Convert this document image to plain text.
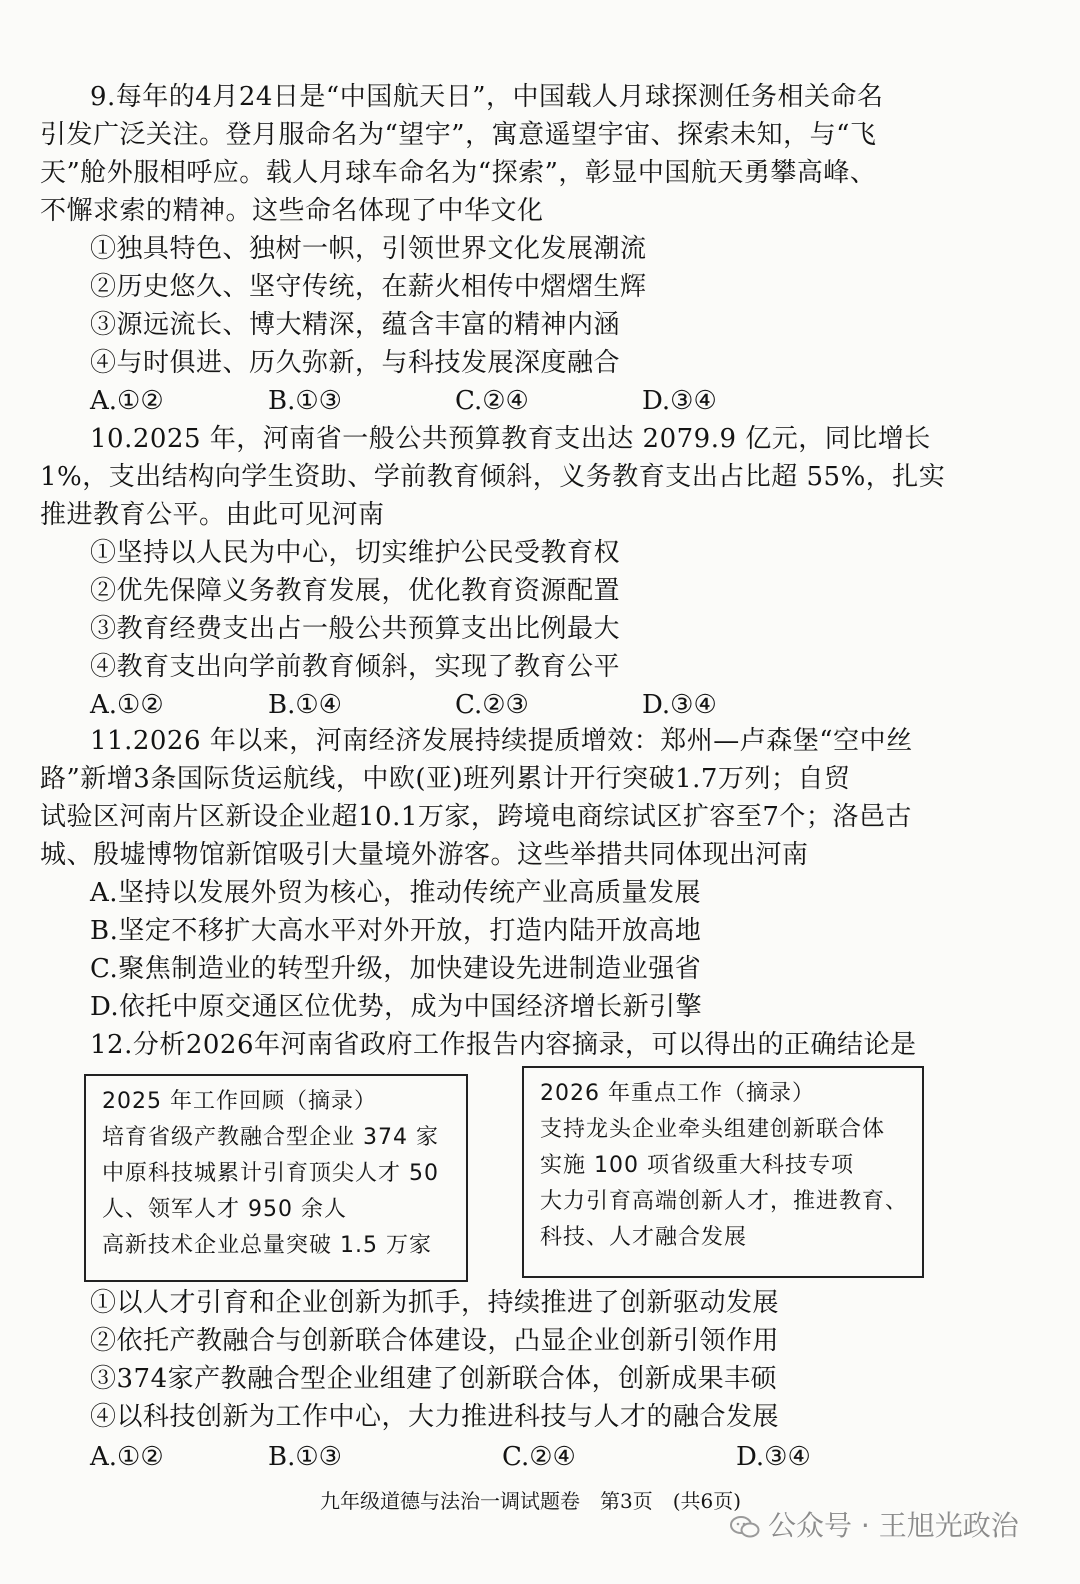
9.每年的4月24日是“中国航天日”，中国载人月球探测任务相关命名
引发广泛关注。登月服命名为“望宇”，寓意遥望宇宙、探索未知，与“飞
天”舱外服相呼应。载人月球车命名为“探索”，彰显中国航天勇攀高峰、
不懈求索的精神。这些命名体现了中华文化
①独具特色、独树一帜，引领世界文化发展潮流
②历史悠久、坚守传统，在薪火相传中熠熠生辉
③源远流长、博大精深，蕴含丰富的精神内涵
④与时俱进、历久弥新，与科技发展深度融合
A.①②	B.①③	C.②④	D.③④
10.2025 年，河南省一般公共预算教育支出达 2079.9 亿元，同比增长
1%，支出结构向学生资助、学前教育倾斜，义务教育支出占比超 55%，扎实
推进教育公平。由此可见河南
①坚持以人民为中心，切实维护公民受教育权
②优先保障义务教育发展，优化教育资源配置
③教育经费支出占一般公共预算支出比例最大
④教育支出向学前教育倾斜，实现了教育公平
A.①②	B.①④	C.②③	D.③④
11.2026 年以来，河南经济发展持续提质增效：郑州—卢森堡“空中丝
路”新增3条国际货运航线，中欧(亚)班列累计开行突破1.7万列；自贸
试验区河南片区新设企业超10.1万家，跨境电商综试区扩容至7个；洛邑古
城、殷墟博物馆新馆吸引大量境外游客。这些举措共同体现出河南
A.坚持以发展外贸为核心，推动传统产业高质量发展
B.坚定不移扩大高水平对外开放，打造内陆开放高地
C.聚焦制造业的转型升级，加快建设先进制造业强省
D.依托中原交通区位优势，成为中国经济增长新引擎
12.分析2026年河南省政府工作报告内容摘录，可以得出的正确结论是
2025 年工作回顾（摘录）
培育省级产教融合型企业 374 家
中原科技城累计引育顶尖人才 50
人、领军人才 950 余人
高新技术企业总量突破 1.5 万家
2026 年重点工作（摘录）
支持龙头企业牵头组建创新联合体
实施 100 项省级重大科技专项
大力引育高端创新人才，推进教育、
科技、人才融合发展
①以人才引育和企业创新为抓手，持续推进了创新驱动发展
②依托产教融合与创新联合体建设，凸显企业创新引领作用
③374家产教融合型企业组建了创新联合体，创新成果丰硕
④以科技创新为工作中心，大力推进科技与人才的融合发展
A.①②	B.①③	C.②④	D.③④
九年级道德与法治一调试题卷　第3页　(共6页)
公众号 · 王旭光政治
